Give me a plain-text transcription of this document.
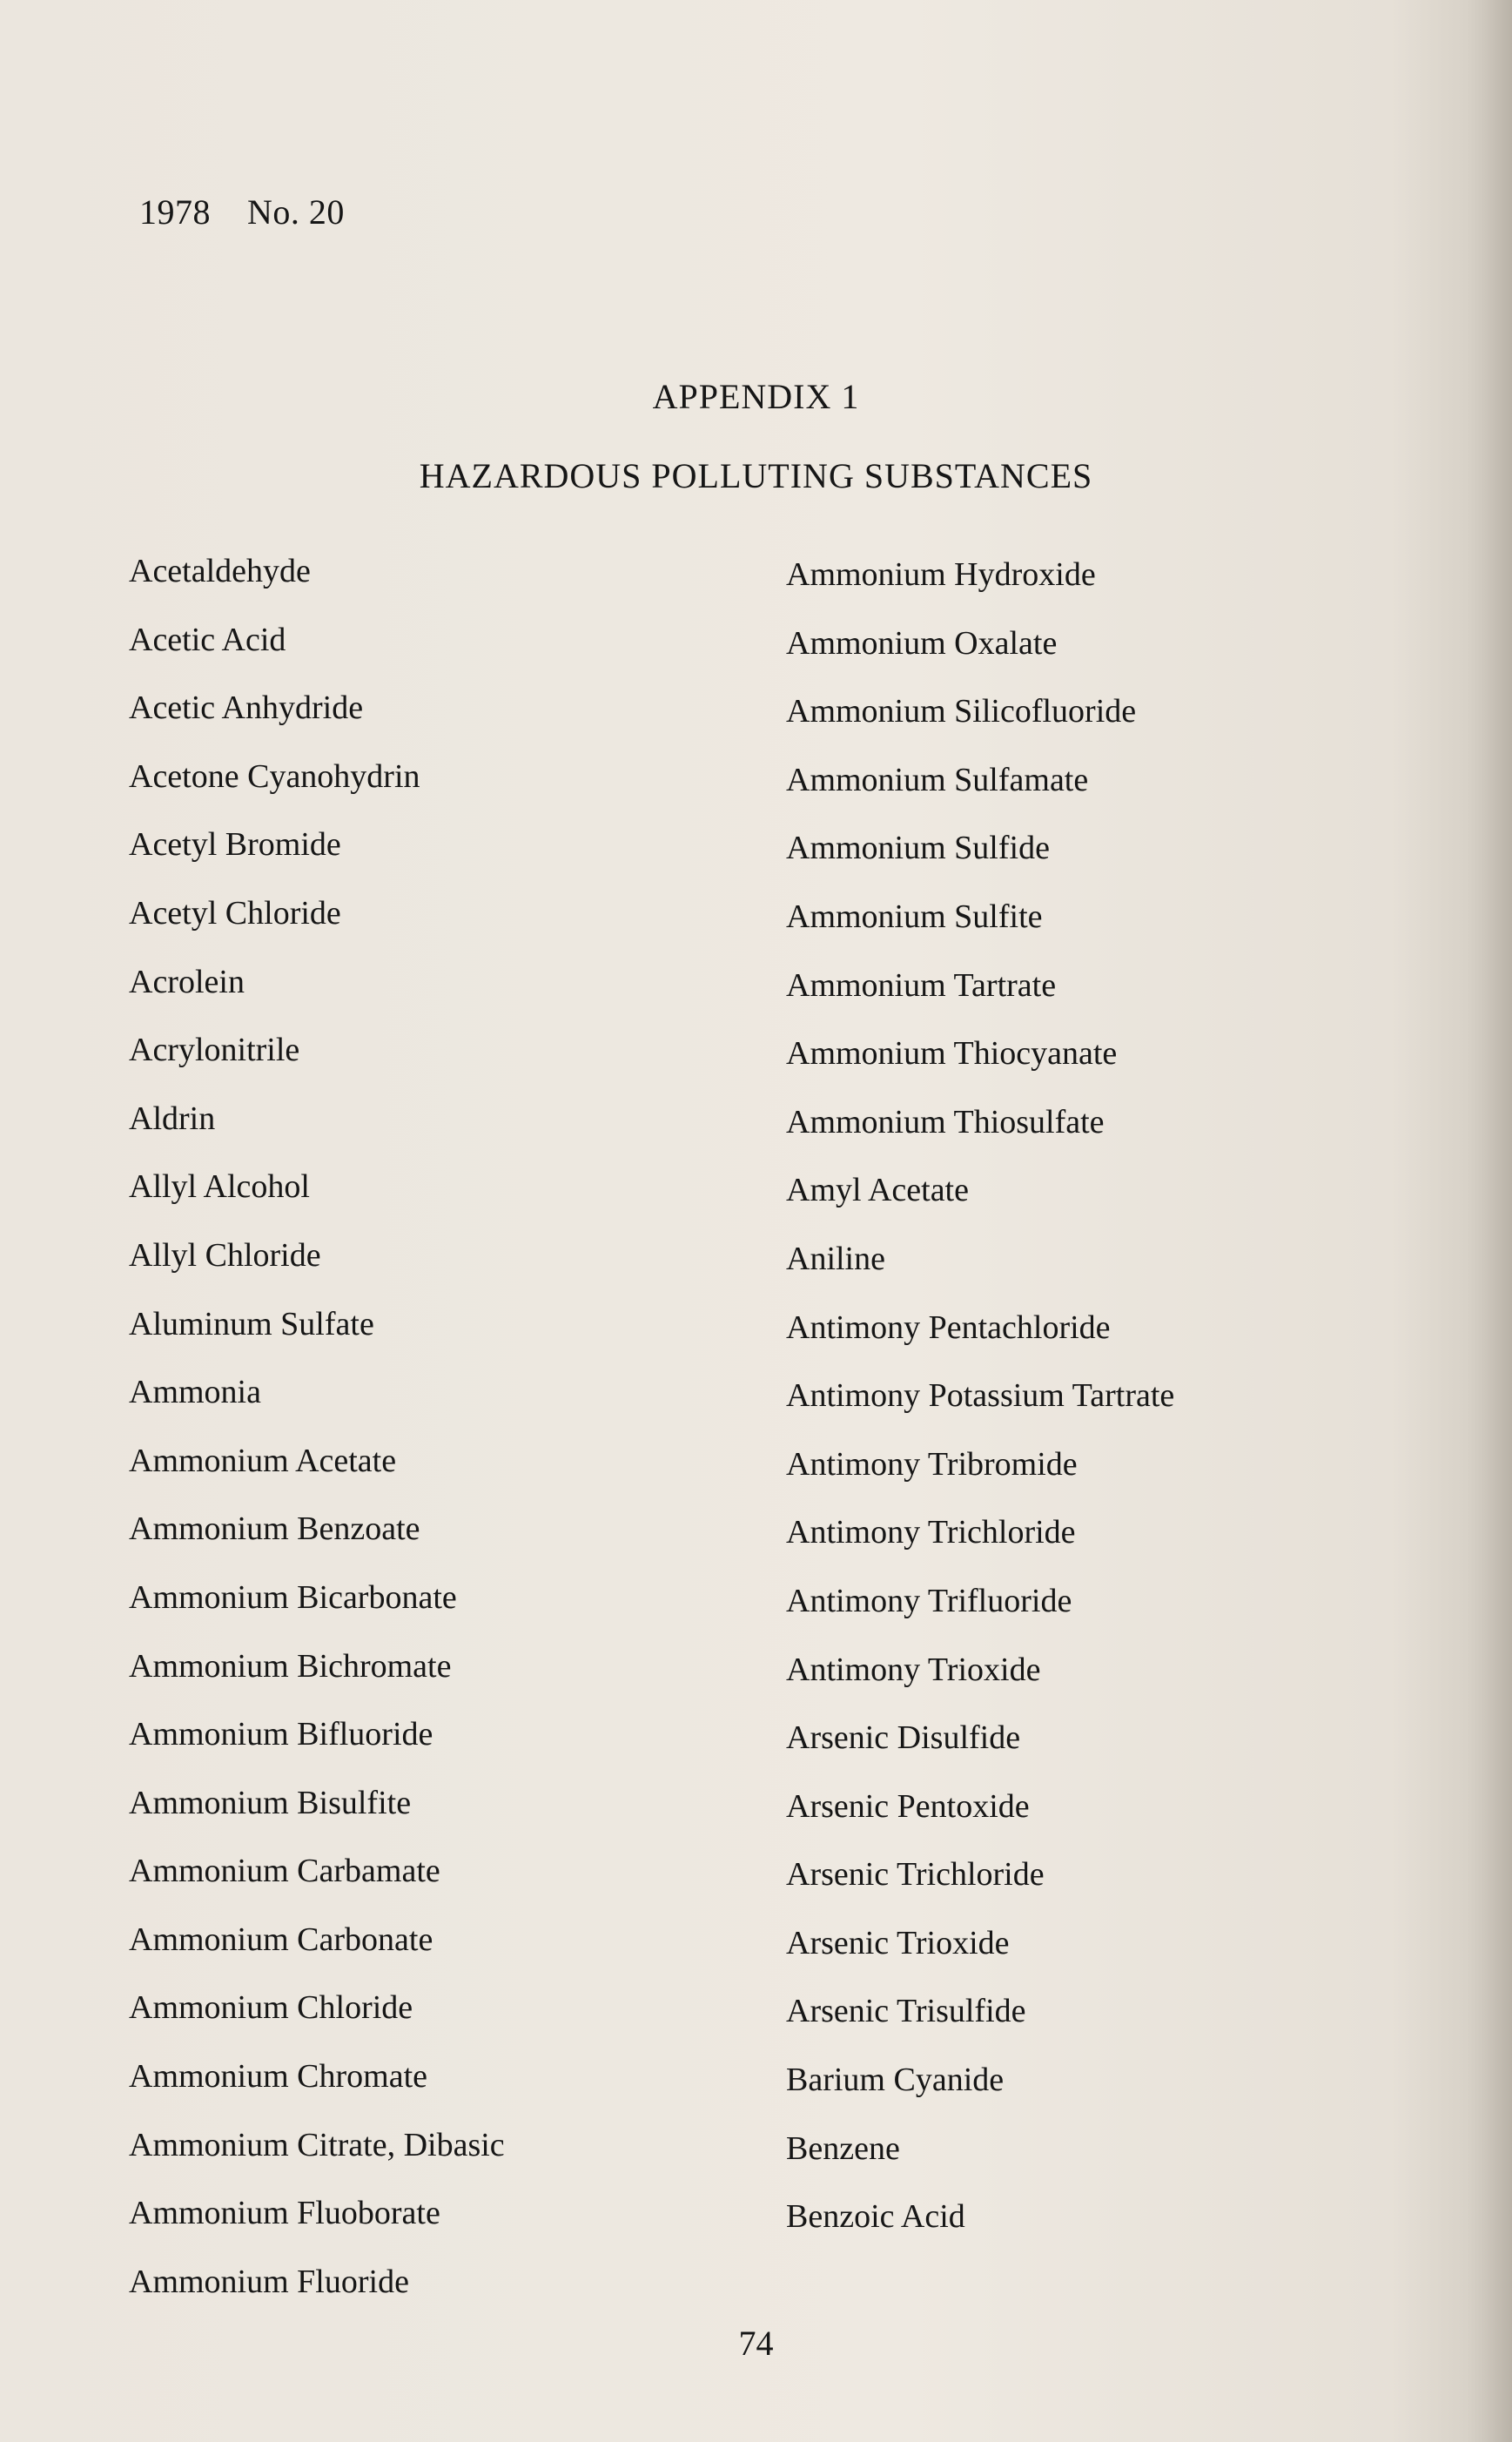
1978    No. 20
APPENDIX 1
HAZARDOUS POLLUTING SUBSTANCES
Acetaldehyde
Acetic Acid
Acetic Anhydride
Acetone Cyanohydrin
Acetyl Bromide
Acetyl Chloride
Acrolein
Acrylonitrile
Aldrin
Allyl Alcohol
Allyl Chloride
Aluminum Sulfate
Ammonia
Ammonium Acetate
Ammonium Benzoate
Ammonium Bicarbonate
Ammonium Bichromate
Ammonium Bifluoride
Ammonium Bisulfite
Ammonium Carbamate
Ammonium Carbonate
Ammonium Chloride
Ammonium Chromate
Ammonium Citrate, Dibasic
Ammonium Fluoborate
Ammonium Fluoride
Ammonium Hydroxide
Ammonium Oxalate
Ammonium Silicofluoride
Ammonium Sulfamate
Ammonium Sulfide
Ammonium Sulfite
Ammonium Tartrate
Ammonium Thiocyanate
Ammonium Thiosulfate
Amyl Acetate
Aniline
Antimony Pentachloride
Antimony Potassium Tartrate
Antimony Tribromide
Antimony Trichloride
Antimony Trifluoride
Antimony Trioxide
Arsenic Disulfide
Arsenic Pentoxide
Arsenic Trichloride
Arsenic Trioxide
Arsenic Trisulfide
Barium Cyanide
Benzene
Benzoic Acid
74
